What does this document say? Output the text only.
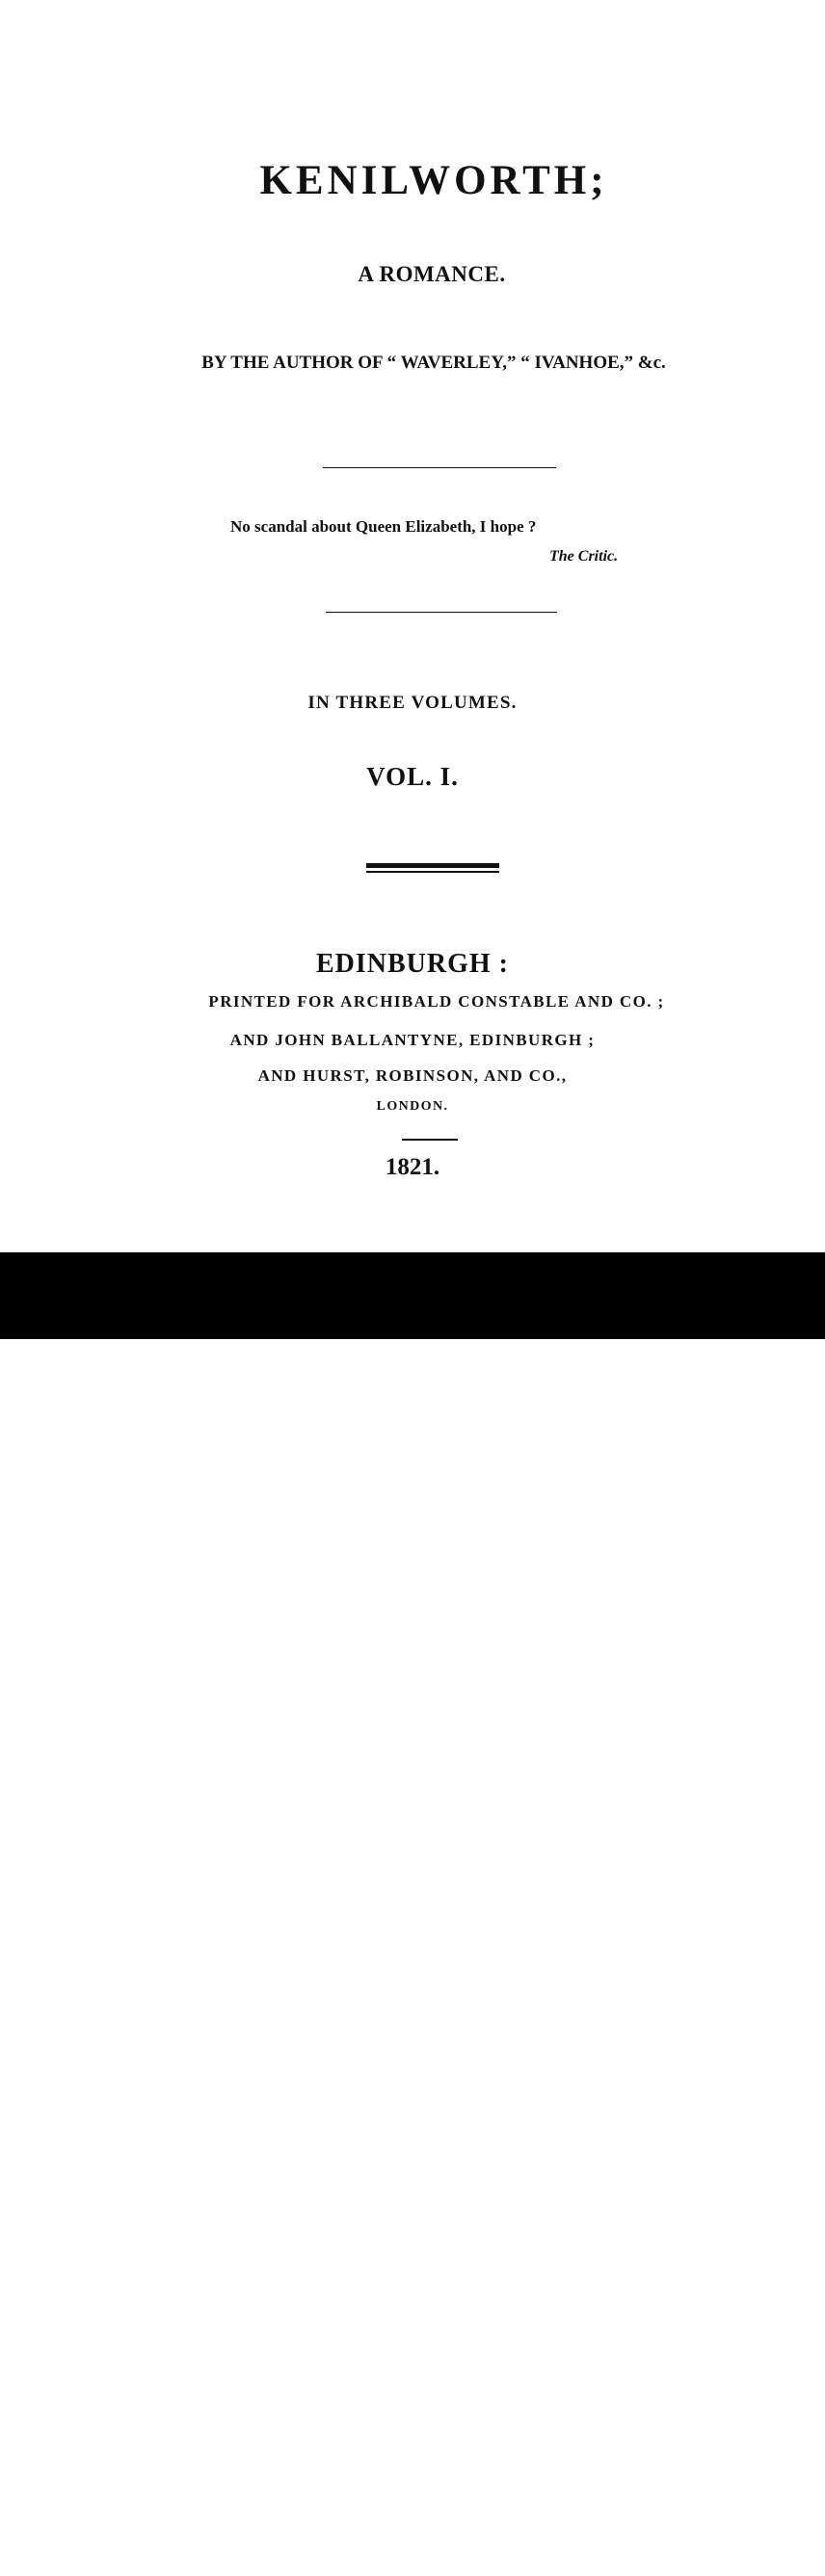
KENILWORTH;
A ROMANCE.
BY THE AUTHOR OF “ WAVERLEY,” “ IVANHOE,” &c.
No scandal about Queen Elizabeth, I hope ?
The Critic.
IN THREE VOLUMES.
VOL. I.
EDINBURGH :
PRINTED FOR ARCHIBALD CONSTABLE AND CO. ;
AND JOHN BALLANTYNE, EDINBURGH ;
AND HURST, ROBINSON, AND CO.,
LONDON.
1821.
alamy	2DCE83F
www.alamy.com
